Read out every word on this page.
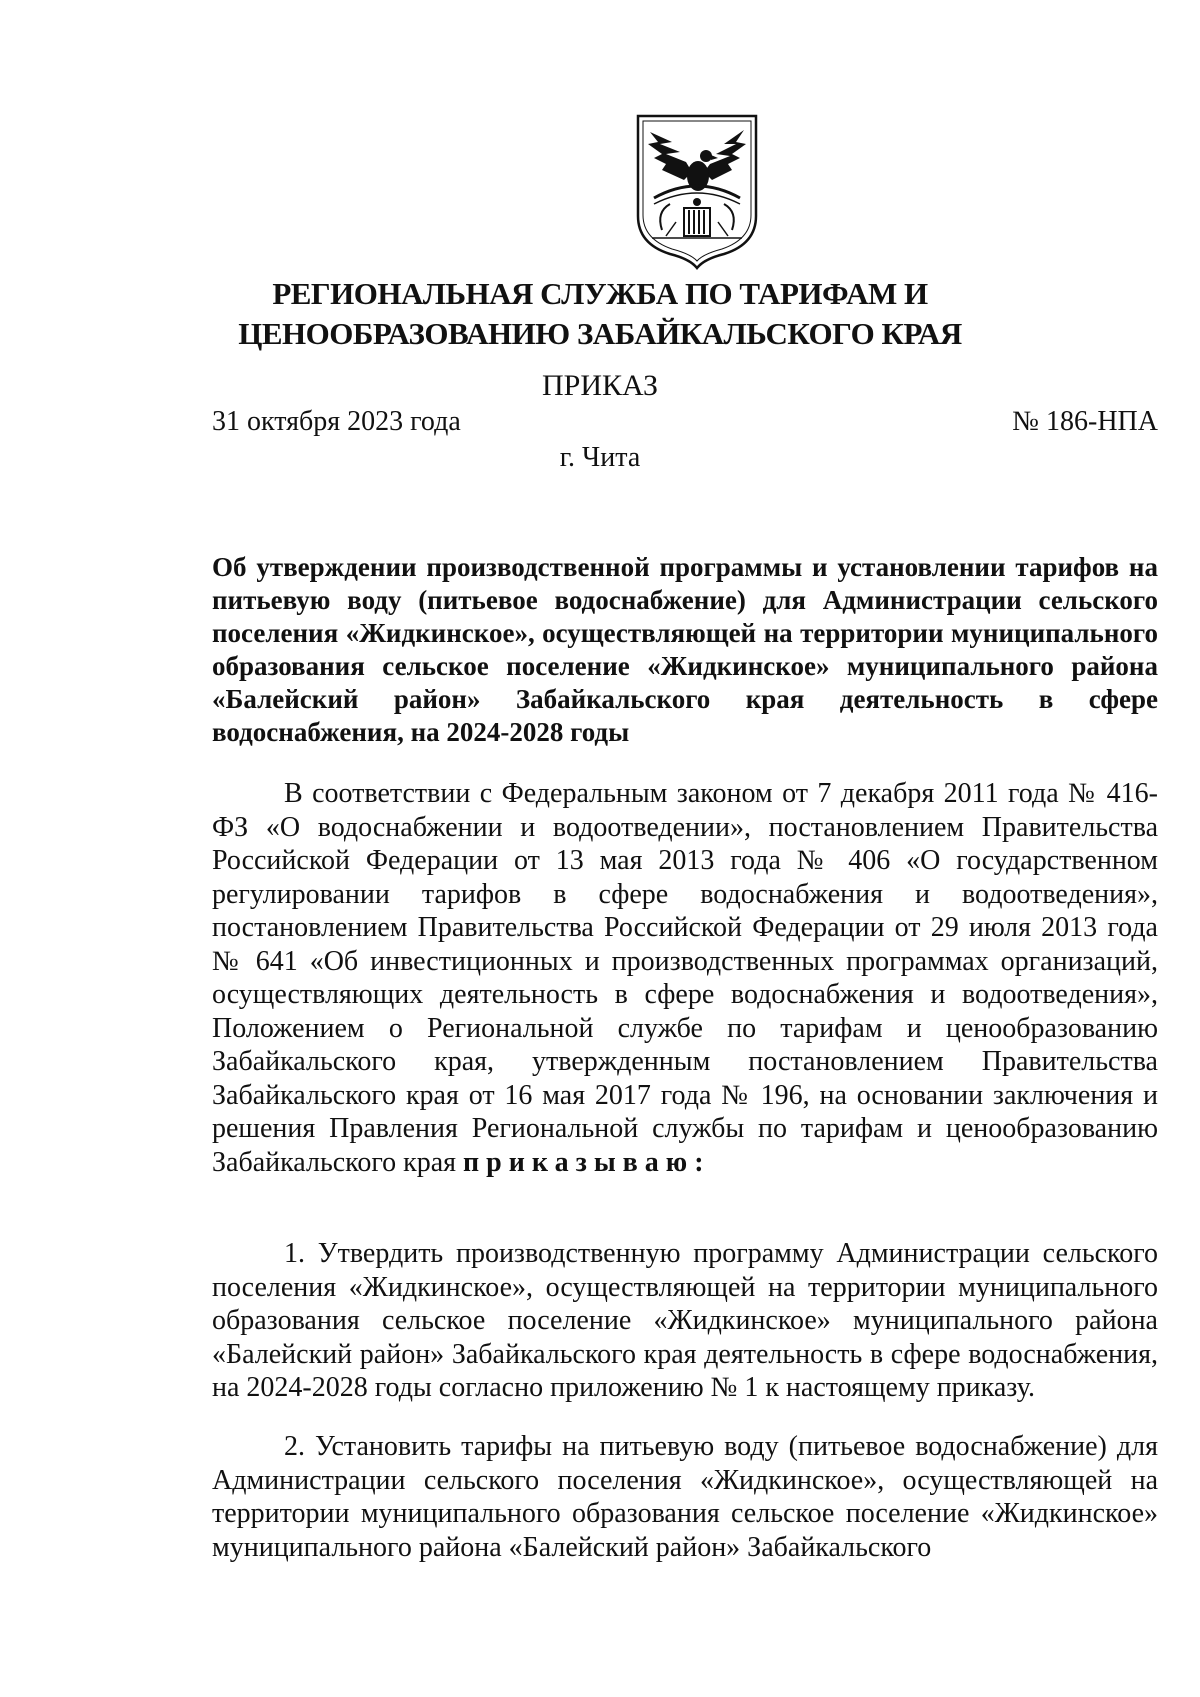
РЕГИОНАЛЬНАЯ СЛУЖБА ПО ТАРИФАМ И
ЦЕНООБРАЗОВАНИЮ ЗАБАЙКАЛЬСКОГО КРАЯ
ПРИКАЗ
31 октября 2023 года	№ 186-НПА
г. Чита

Об утверждении производственной программы и установлении тарифов на питьевую воду (питьевое водоснабжение) для Администрации сельского поселения «Жидкинское», осуществляющей на территории муниципального образования сельское поселение «Жидкинское» муниципального района «Балейский район» Забайкальского края деятельность в сфере водоснабжения, на 2024-2028 годы

В соответствии с Федеральным законом от 7 декабря 2011 года № 416-ФЗ «О водоснабжении и водоотведении», постановлением Правительства Российской Федерации от 13 мая 2013 года № 406 «О государственном регулировании тарифов в сфере водоснабжения и водоотведения», постановлением Правительства Российской Федерации от 29 июля 2013 года № 641 «Об инвестиционных и производственных программах организаций, осуществляющих деятельность в сфере водоснабжения и водоотведения», Положением о Региональной службе по тарифам и ценообразованию Забайкальского края, утвержденным постановлением Правительства Забайкальского края от 16 мая 2017 года № 196, на основании заключения и решения Правления Региональной службы по тарифам и ценообразованию Забайкальского края приказываю:

1. Утвердить производственную программу Администрации сельского поселения «Жидкинское», осуществляющей на территории муниципального образования сельское поселение «Жидкинское» муниципального района «Балейский район» Забайкальского края деятельность в сфере водоснабжения, на 2024-2028 годы согласно приложению № 1 к настоящему приказу.

2. Установить тарифы на питьевую воду (питьевое водоснабжение) для Администрации сельского поселения «Жидкинское», осуществляющей на территории муниципального образования сельское поселение «Жидкинское» муниципального района «Балейский район» Забайкальского
